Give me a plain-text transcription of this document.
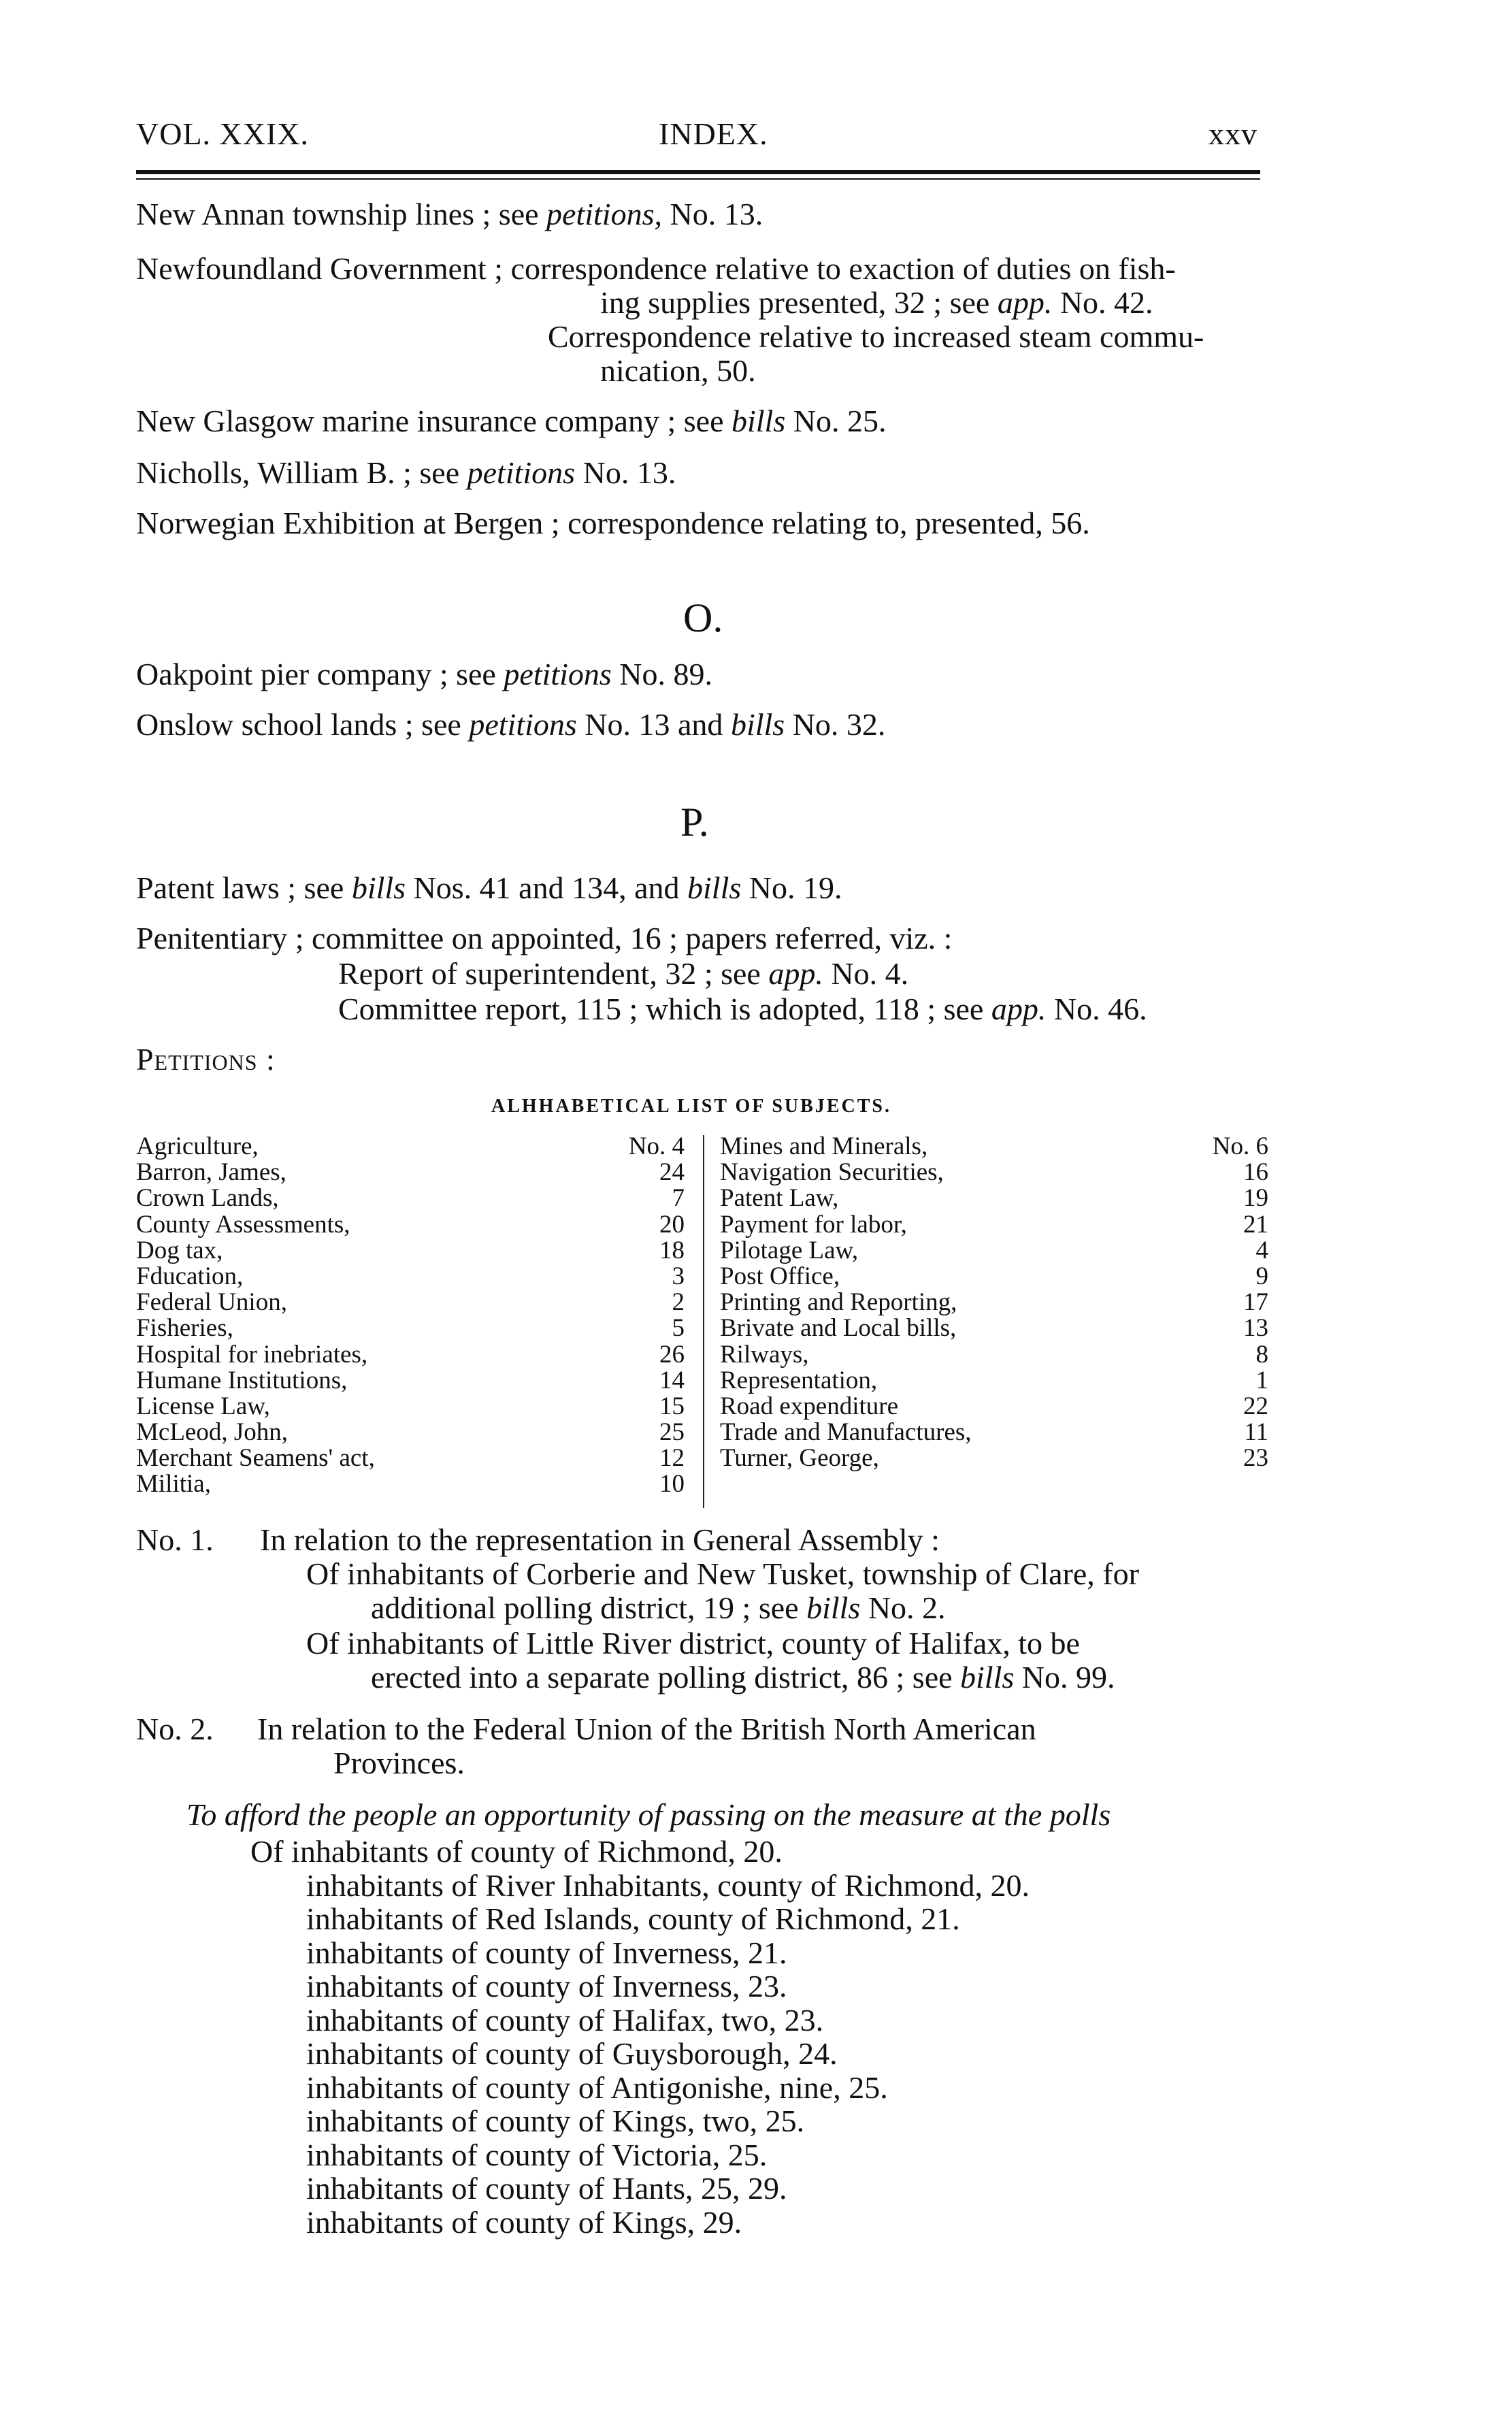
VOL. XXIX.	INDEX.	xxv
New Annan township lines ; see petitions, No. 13.
Newfoundland Government ; correspondence relative to exaction of duties on fish-
ing supplies presented, 32 ; see app. No. 42.
Correspondence relative to increased steam commu-
nication, 50.
New Glasgow marine insurance company ; see bills No. 25.
Nicholls, William B. ; see petitions No. 13.
Norwegian Exhibition at Bergen ; correspondence relating to, presented, 56.
O.
Oakpoint pier company ; see petitions No. 89.
Onslow school lands ; see petitions No. 13 and bills No. 32.
P.
Patent laws ; see bills Nos. 41 and 134, and bills No. 19.
Penitentiary ; committee on appointed, 16 ; papers referred, viz. :
Report of superintendent, 32 ; see app. No. 4.
Committee report, 115 ; which is adopted, 118 ; see app. No. 46.
Petitions :
ALHHABETICAL LIST OF SUBJECTS.
Agriculture,	No. 4
Barron, James,	24
Crown Lands,	7
County Assessments,	20
Dog tax,	18
Fducation,	3
Federal Union,	2
Fisheries,	5
Hospital for inebriates,	26
Humane Institutions,	14
License Law,	15
McLeod, John,	25
Merchant Seamens' act,	12
Militia,	10
Mines and Minerals,	No. 6
Navigation Securities,	16
Patent Law,	19
Payment for labor,	21
Pilotage Law,	4
Post Office,	9
Printing and Reporting,	17
Brivate and Local bills,	13
Rilways,	8
Representation,	1
Road expenditure	22
Trade and Manufactures,	11
Turner, George,	23
No. 1. In relation to the representation in General Assembly :
Of inhabitants of Corberie and New Tusket, township of Clare, for
additional polling district, 19 ; see bills No. 2.
Of inhabitants of Little River district, county of Halifax, to be
erected into a separate polling district, 86 ; see bills No. 99.
No. 2. In relation to the Federal Union of the British North American
Provinces.
To afford the people an opportunity of passing on the measure at the polls
Of inhabitants of county of Richmond, 20.
inhabitants of River Inhabitants, county of Richmond, 20.
inhabitants of Red Islands, county of Richmond, 21.
inhabitants of county of Inverness, 21.
inhabitants of county of Inverness, 23.
inhabitants of county of Halifax, two, 23.
inhabitants of county of Guysborough, 24.
inhabitants of county of Antigonishe, nine, 25.
inhabitants of county of Kings, two, 25.
inhabitants of county of Victoria, 25.
inhabitants of county of Hants, 25, 29.
inhabitants of county of Kings, 29.
